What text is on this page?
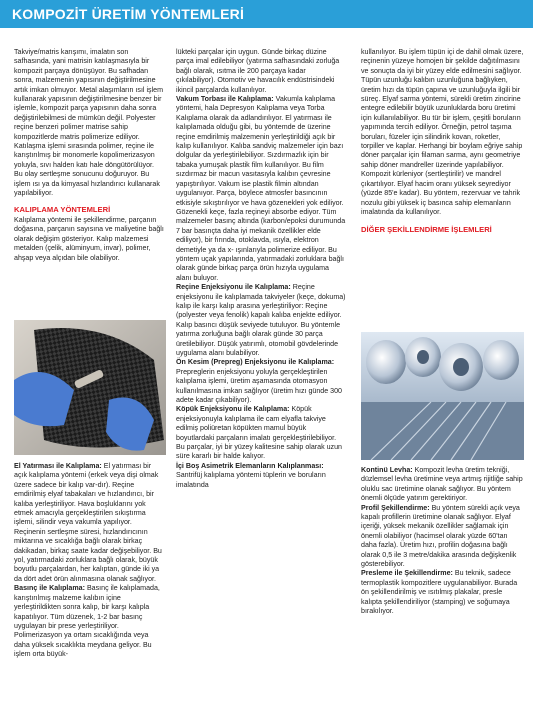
KOMPOZİT ÜRETİM YÖNTEMLERİ

Takviye/matris karışımı, imalatın son safhasında, yani matrisin katılaşmasıyla bir kompozit parçaya dönüşüyor. Bu safhadan sonra, malzemenin yapısının değiştirilmesine artık imkan olmuyor. Metal alaşımların ısıl işlem kullanarak yapısının değiştirilmesine benzer bir işlemle, kompozit parça yapısının daha sonra değiştirilebilmesi de mümkün değil. Polyester reçine benzeri polimer matrise sahip kompozitlerde matris polimerize ediliyor. Katılaşma işlemi sırasında polimer, reçine ile karıştırılmış bir monomerle kopolimerizasyon yoluyla, sıvı halden katı hale döngütörülüyor. Bu olay sertleşme sonucunu doğuruyor. Bu işlem ısı ya da kimyasal hızlandırıcı kullanarak yapılabiliyor.

KALIPLAMA YÖNTEMLERİ

Kalıplama yöntemi ile şekillendirme, parçanın doğasına, parçanın sayısına ve maliyetine bağlı olarak değişim gösteriyor. Kalıp malzemesi metalden (çelik, alüminyum, invar), polimer, ahşap veya alçıdan bile olabiliyor.

El Yatırması ile Kalıplama: El yatırması bir açık kalıplama yöntemi (erkek veya dişi olmak üzere sadece bir kalıp var-dır). Reçine emdirilmiş elyaf tabakaları ve hızlandırıcı, bir kalıba yerleştiriliyor. Hava boşluklarını yok etmek amacıyla gerçekleştirilen sıkıştırma işlemi, silindir veya vakumla yapılıyor. Reçinenin sertleşme süresi, hızlandırıcının miktarına ve sıcaklığa bağlı olarak birkaç dakikadan, birkaç saate kadar değişebiliyor. Bu yol, yatırmadaki zorluklara bağlı olarak, büyük boyutlu parçalardan, her kalıptan, günde iki ya da dört adet örün alınmasına olanak sağlıyor.

Basınç ile Kalıplama: Basınç ile kalıplamada, karıştırılmış malzeme kalıbın içine yerleştirildikten sonra kalıp, bir karşı kalıpla kapatılıyor. Tüm düzenek, 1-2 bar basınç uygulayan bir prese yerleştiriliyor. Polimerizasyon ya ortam sıcaklığında veya daha yüksek sıcaklıkta meydana geliyor. Bu işlem orta büyük-

lükteki parçalar için uygun. Günde birkaç düzine parça imal edilebiliyor (yatırma safhasındaki zorluğa bağlı olarak, ısıtma ile 200 parçaya kadar çıkılabiliyor). Otomotiv ve havacılık endüstrisindeki ikincil parçalarda kullanılıyor.

Vakum Torbası ile Kalıplama: Vakumla kalıplama yöntemi, hala Depresyon Kalıplama veya Torba Kalıplama olarak da adlandırılıyor. El yatırması ile kalıplamada olduğu gibi, bu yöntemde de üzerine reçine emdirilmiş malzemenin yerleştirildiği açık bir kalıp kullanılıyor. Kalıba sandviç malzemeler için bazı dolgular da yerleştirilebiliyor. Sızdırmazlık için bir tabaka yumuşak plastik film kullanılıyor. Bu film sızdırmaz bir macun vasıtasıyla kalıbın çevresine yapıştırılıyor. Vakum ise plastik filmin altından uygulanıyor. Parça, böylece atmosfer basıncının etkisiyle sıkıştırılıyor ve hava gözenekleri yok ediliyor. Gözenekli keçe, fazla reçineyi absorbe ediyor. Tüm malzemeler basınç altında (karbon/epoksi durumunda 7 bar basınçta daha iyi mekanik özellikler elde ediliyor), bir fırında, otoklavda, ısıyla, elektron demetiyle ya da x- ışınlarıyla polimerize ediliyor. Bu yöntem uçak yapılarında, yatırmadaki zorluklara bağlı olarak günde birkaç parça örün hızıyla uygulama alanı buluyor.

Reçine Enjeksiyonu ile Kalıplama: Reçine enjeksiyonu ile kalıplamada takviyeler (keçe, dokuma) kalıp ile karşı kalıp arasına yerleştiriliyor: Reçine (polyester veya fenolik) kapalı kalıba enjekte ediliyor. Kalıp basıncı düşük seviyede tutuluyor. Bu yöntemle yatırma zorluğuna bağlı olarak günde 30 parça üretilebiliyor. Düşük yatırımlı, otomobil gövdelerinde uygulama alanı bulabiliyor.

Ön Kesim (Prepreg) Enjeksiyonu ile Kalıplama: Prepreglerin enjeksiyonu yoluyla gerçekleştirilen kalıplama işlemi, üretim aşamasında otomasyon kullanılmasına imkan sağlıyor (üretim hızı günde 300 adete kadar çıkabiliyor).

Köpük Enjeksiyonu ile Kalıplama: Köpük enjeksiyonuyla kalıplama ile cam elyafla takviye edilmiş poliüretan köpükten mamul büyük boyutlardaki parçaların imalatı gerçekleştirilebiliyor. Bu parçalar, iyi bir yüzey kalitesine sahip olarak uzun süre kararlı bir halde kalıyor.

İçi Boş Asimetrik Elemanların Kalıplanması: Santrifüj kalıplama yöntemi tüplerin ve boruların imalatında

kullanılıyor. Bu işlem tüpün içi de dahil olmak üzere, reçinenin yüzeye homojen bir şekilde dağıtılmasını ve sonuçta da iyi bir yüzey elde edilmesini sağlıyor. Tüpün uzunluğu kalıbın uzunluğuna bağlıyken, üretim hızı da tüpün çapına ve uzunluğuyla ilgili bir süreç. Elyaf sarma yöntemi, sürekli üretim zincirine entegre edilebilir büyük uzunluklarda boru üretimi için kullanılabiliyor. Bu tür bir işlem, çeşitli boruların yapımında tercih ediliyor. Örneğin, petrol taşıma boruları, füzeler için silindirik kovan, roketler, torpiller ve kaplar. Herhangi bir boylam eğriye sahip döner parçalar için filaman sarma, aynı geometriye sahip döner mandreller üzerinde yapılabiliyor. Kompozit kürleniyor (sertleştirilir) ve mandrel çıkartılıyor. Elyaf hacim oranı yüksek seyrediyor (yüzde 85'e kadar). Bu yöntem, rezervuar ve tahrik nozulu gibi yüksek iç basınca sahip elemanların imalatında da kullanılıyor.

DİĞER ŞEKİLLENDİRME İŞLEMLERİ

Kontinü Levha: Kompozit levha üretim tekniği, düzlemsel levha üretimine veya artmış rijitliğe sahip oluklu sac üretimine olanak sağlıyor. Bu yöntem önemli ölçüde yatırım gerektiriyor.

Profil Şekillendirme: Bu yöntem sürekli açık veya kapalı profillerin üretimine olanak sağlıyor. Elyaf içeriği, yüksek mekanik özellikler sağlamak için önemli olabiliyor (hacimsel olarak yüzde 60'tan daha fazla). Üretim hızı, profilin doğasına bağlı olarak 0,5 ile 3 metre/dakika arasında değişkenlik gösterebiliyor.

Presleme ile Şekillendirme: Bu teknik, sadece termoplastik kompozitlere uygulanabiliyor. Burada ön şekillendirilmiş ve ısıtılmış plakalar, presle kalıpta şekillendiriliyor (stamping) ve soğumaya bırakılıyor.
